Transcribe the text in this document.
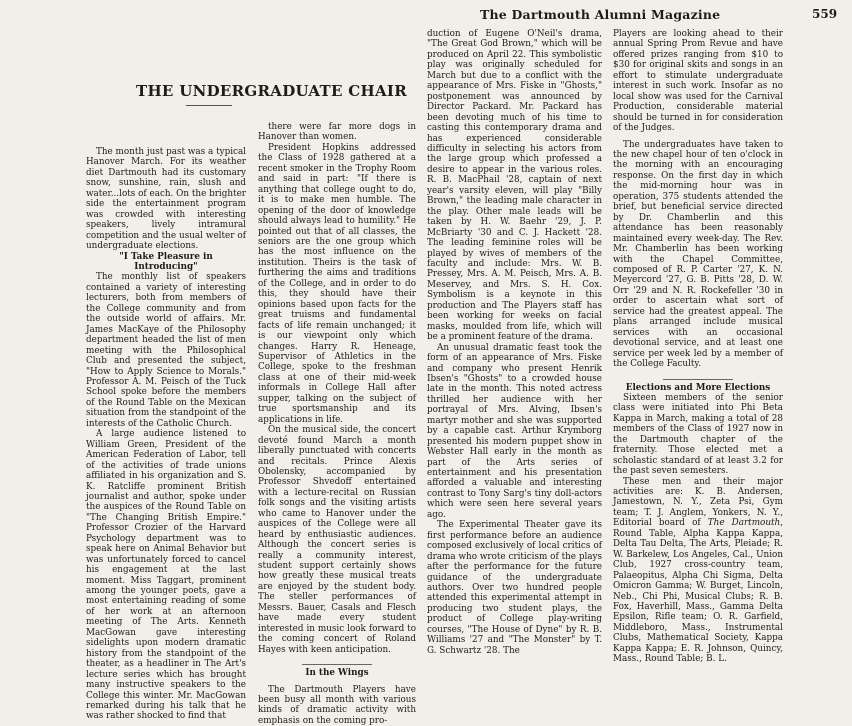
The Dartmouth Alumni Magazine	559
THE UNDERGRADUATE CHAIR

The month just past was a typical Hanover March. For its weather diet Dartmouth had its customary snow, sunshine, rain, slush and water...lots of each. On the brighter side the entertainment program was crowded with interesting speakers, lively intramural competition and the usual welter of undergraduate elections.

"I Take Pleasure in Introducing"

The monthly list of speakers contained a variety of interesting lecturers, both from members of the College community and from the outside world of affairs. Mr. James MacKaye of the Philosophy department headed the list of men meeting with the Philosophical Club and presented the subject, "How to Apply Science to Morals." Professor A. M. Peisch of the Tuck School spoke before the members of the Round Table on the Mexican situation from the standpoint of the interests of the Catholic Church.

A large audience listened to William Green, President of the American Federation of Labor, tell of the activities of trade unions affiliated in his organization and S. K. Ratcliffe prominent British journalist and author, spoke under the auspices of the Round Table on "The Changing British Empire." Professor Crozier of the Harvard Psychology department was to speak here on Animal Behavior but was unfortunately forced to cancel his engagement at the last moment. Miss Taggart, prominent among the younger poets, gave a most entertaining reading of some of her work at an afternoon meeting of The Arts. Kenneth MacGowan gave interesting sidelights upon modern dramatic history from the standpoint of the theater, as a headliner in The Art's lecture series which has brought many instructive speakers to the College this winter. Mr. MacGowan remarked during his talk that he was rather shocked to find that

there were far more dogs in Hanover than women.

President Hopkins addressed the Class of 1928 gathered at a recent smoker in the Trophy Room and said in part: "If there is anything that college ought to do, it is to make men humble. The opening of the door of knowledge should always lead to humility." He pointed out that of all classes, the seniors are the one group which has the most influence on the institution. Theirs is the task of furthering the aims and traditions of the College, and in order to do this, they should have their opinions based upon facts for the great truisms and fundamental facts of life remain unchanged; it is our viewpoint only which changes. Harry R. Heneage, Supervisor of Athletics in the College, spoke to the freshman class at one of their mid-week informals in College Hall after supper, talking on the subject of true sportsmanship and its applications in life.

On the musical side, the concert devoté found March a month liberally punctuated with concerts and recitals. Prince Alexis Obolensky, accompanied by Professor Shvedoff entertained with a lecture-recital on Russian folk songs and the visiting artists who came to Hanover under the auspices of the College were all heard by enthusiastic audiences. Although the concert series is really a community interest, student support certainly shows how greatly these musical treats are enjoyed by the student body. The steller performances of Messrs. Bauer, Casals and Flesch have made every student interested in music look forward to the coming concert of Roland Hayes with keen anticipation.

In the Wings

The Dartmouth Players have been busy all month with various kinds of dramatic activity with emphasis on the coming pro-

duction of Eugene O'Neil's drama, "The Great God Brown," which will be produced on April 22. This symbolistic play was originally scheduled for March but due to a conflict with the appearance of Mrs. Fiske in "Ghosts," postponement was announced by Director Packard. Mr. Packard has been devoting much of his time to casting this contemporary drama and has experienced considerable difficulty in selecting his actors from the large group which professed a desire to appear in the various roles. R. B. MacPhail '28, captain of next year's varsity eleven, will play "Billy Brown," the leading male character in the play. Other male leads will be taken by H. W. Baehr '29, J. P. McBriarty '30 and C. J. Hackett '28. The leading feminine roles will be played by wives of members of the faculty and include: Mrs. W. B. Pressey, Mrs. A. M. Peisch, Mrs. A. B. Meservey, and Mrs. S. H. Cox. Symbolism is a keynote in this production and The Players staff has been working for weeks on facial masks, moulded from life, which will be a prominent feature of the drama.

An unusual dramatic feast took the form of an appearance of Mrs. Fiske and company who present Henrik Ibsen's "Ghosts" to a crowded house late in the month. This noted actress thrilled her audience with her portrayal of Mrs. Alving, Ibsen's martyr mother and she was supported by a capable cast. Arthur Krymborg presented his modern puppet show in Webster Hall early in the month as part of the Arts series of entertainment and his presentation afforded a valuable and interesting contrast to Tony Sarg's tiny doll-actors which were seen here several years ago.

The Experimental Theater gave its first performance before an audience composed exclusively of local critics of drama who wrote criticism of the plays after the performance for the future guidance of the undergraduate authors. Over two hundred people attended this experimental attempt in producing two student plays, the product of College play-writing courses, "The House of Dyne" by R. B. Williams '27 and "The Monster" by T. G. Schwartz '28. The

Players are looking ahead to their annual Spring Prom Revue and have offered prizes ranging from $10 to $30 for original skits and songs in an effort to stimulate undergraduate interest in such work. Insofar as no local show was used for the Carnival Production, considerable material should be turned in for consideration of the Judges.

The undergraduates have taken to the new chapel hour of ten o'clock in the morning with an encouraging response. On the first day in which the mid-morning hour was in operation, 375 students attended the brief, but beneficial service directed by Dr. Chamberlin and this attendance has been reasonably maintained every week-day. The Rev. Mr. Chamberlin has been working with the Chapel Committee, composed of R. P. Carter '27, K. N. Meyercord '27, G. B. Pitts '28, D. W. Orr '29 and N. R. Rockefeller '30 in order to ascertain what sort of service had the greatest appeal. The plans arranged include musical services with an occasional devotional service, and at least one service per week led by a member of the College Faculty.

Elections and More Elections

Sixteen members of the senior class were initiated into Phi Beta Kappa in March, making a total of 28 members of the Class of 1927 now in the Dartmouth chapter of the fraternity. Those elected met a scholastic standard of at least 3.2 for the past seven semesters.

These men and their major activities are: K. B. Andersen, Jamestown, N. Y., Zeta Psi, Gym team; T. J. Anglem, Yonkers, N. Y., Editorial board of The Dartmouth, Round Table, Alpha Kappa Kappa, Delta Tau Delta, The Arts, Pleiade; R. W. Barkelew, Los Angeles, Cal., Union Club, 1927 cross-country team, Palaeopitus, Alpha Chi Sigma, Delta Omicron Gamma; W. Burget, Lincoln, Neb., Chi Phi, Musical Clubs; R. B. Fox, Haverhill, Mass., Gamma Delta Epsilon, Rifle team; O. R. Garfield, Middleboro, Mass., Instrumental Clubs, Mathematical Society, Kappa Kappa Kappa; E. R. Johnson, Quincy, Mass., Round Table; B. L.
